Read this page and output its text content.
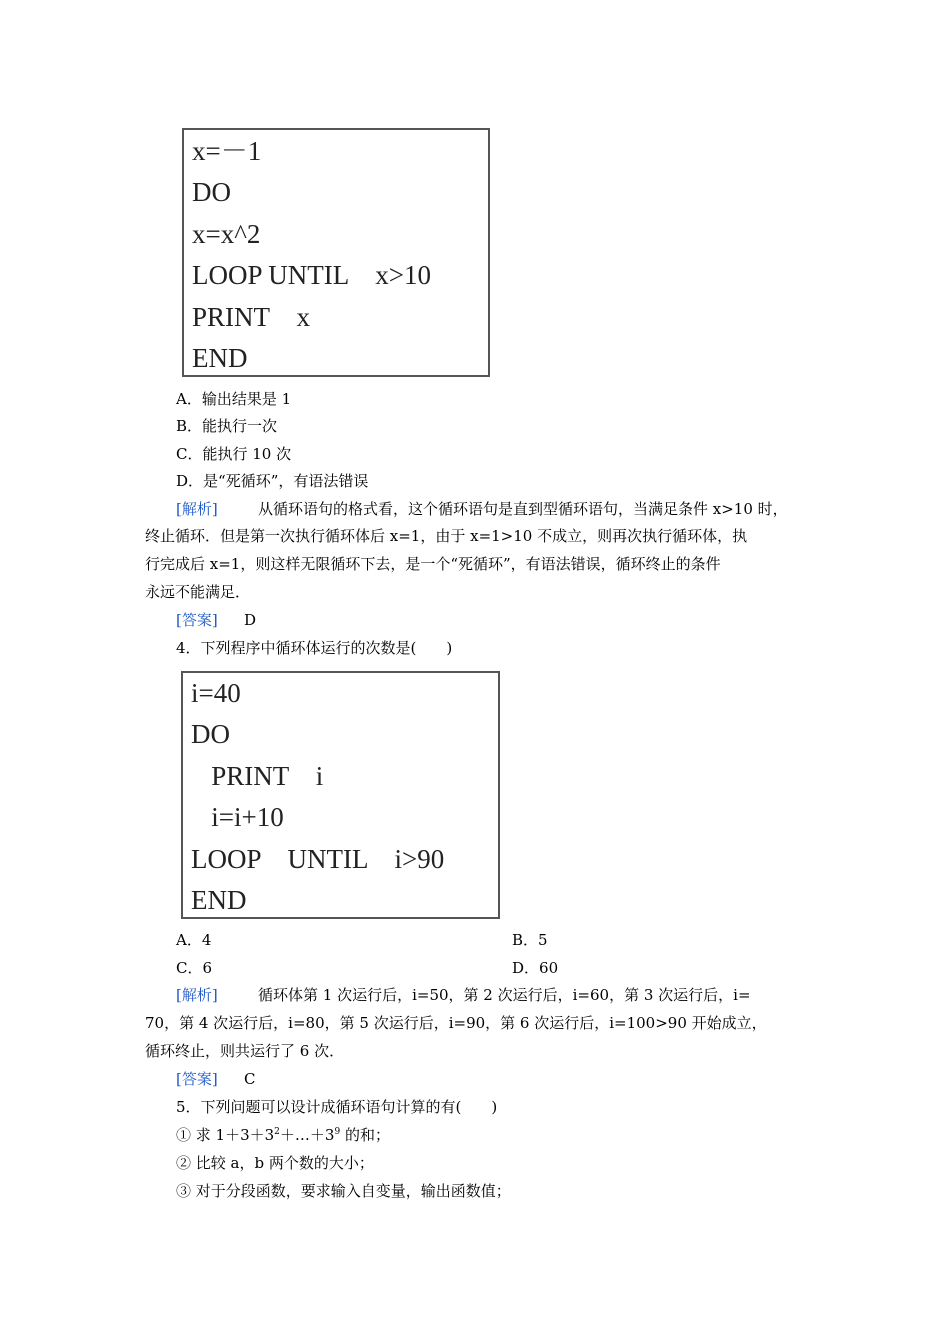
x=－1
DO
x=x^2
LOOP UNTIL    x>10
PRINT    x
END
A．输出结果是 1
B．能执行一次
C．能执行 10 次
D．是“死循环”，有语法错误
[解析]	从循环语句的格式看，这个循环语句是直到型循环语句，当满足条件 x>10 时，
终止循环．但是第一次执行循环体后 x=1，由于 x=1>10 不成立，则再次执行循环体，执
行完成后 x=1，则这样无限循环下去，是一个“死循环”，有语法错误，循环终止的条件
永远不能满足．
[答案] D
4．下列程序中循环体运行的次数是(　　)
i=40
DO
PRINT    i
i=i+10
LOOP    UNTIL    i>90
END
A．4	B．5
C．6	D．60
[解析]	循环体第 1 次运行后，i=50，第 2 次运行后，i=60，第 3 次运行后，i=
70，第 4 次运行后，i=80，第 5 次运行后，i=90，第 6 次运行后，i=100>90 开始成立，
循环终止，则共运行了 6 次．
[答案] C
5．下列问题可以设计成循环语句计算的有(　　)
① 求 $1+3+3^2+\dots+3^9$ 的和；
② 比较 a，b 两个数的大小；
③ 对于分段函数，要求输入自变量，输出函数值；
